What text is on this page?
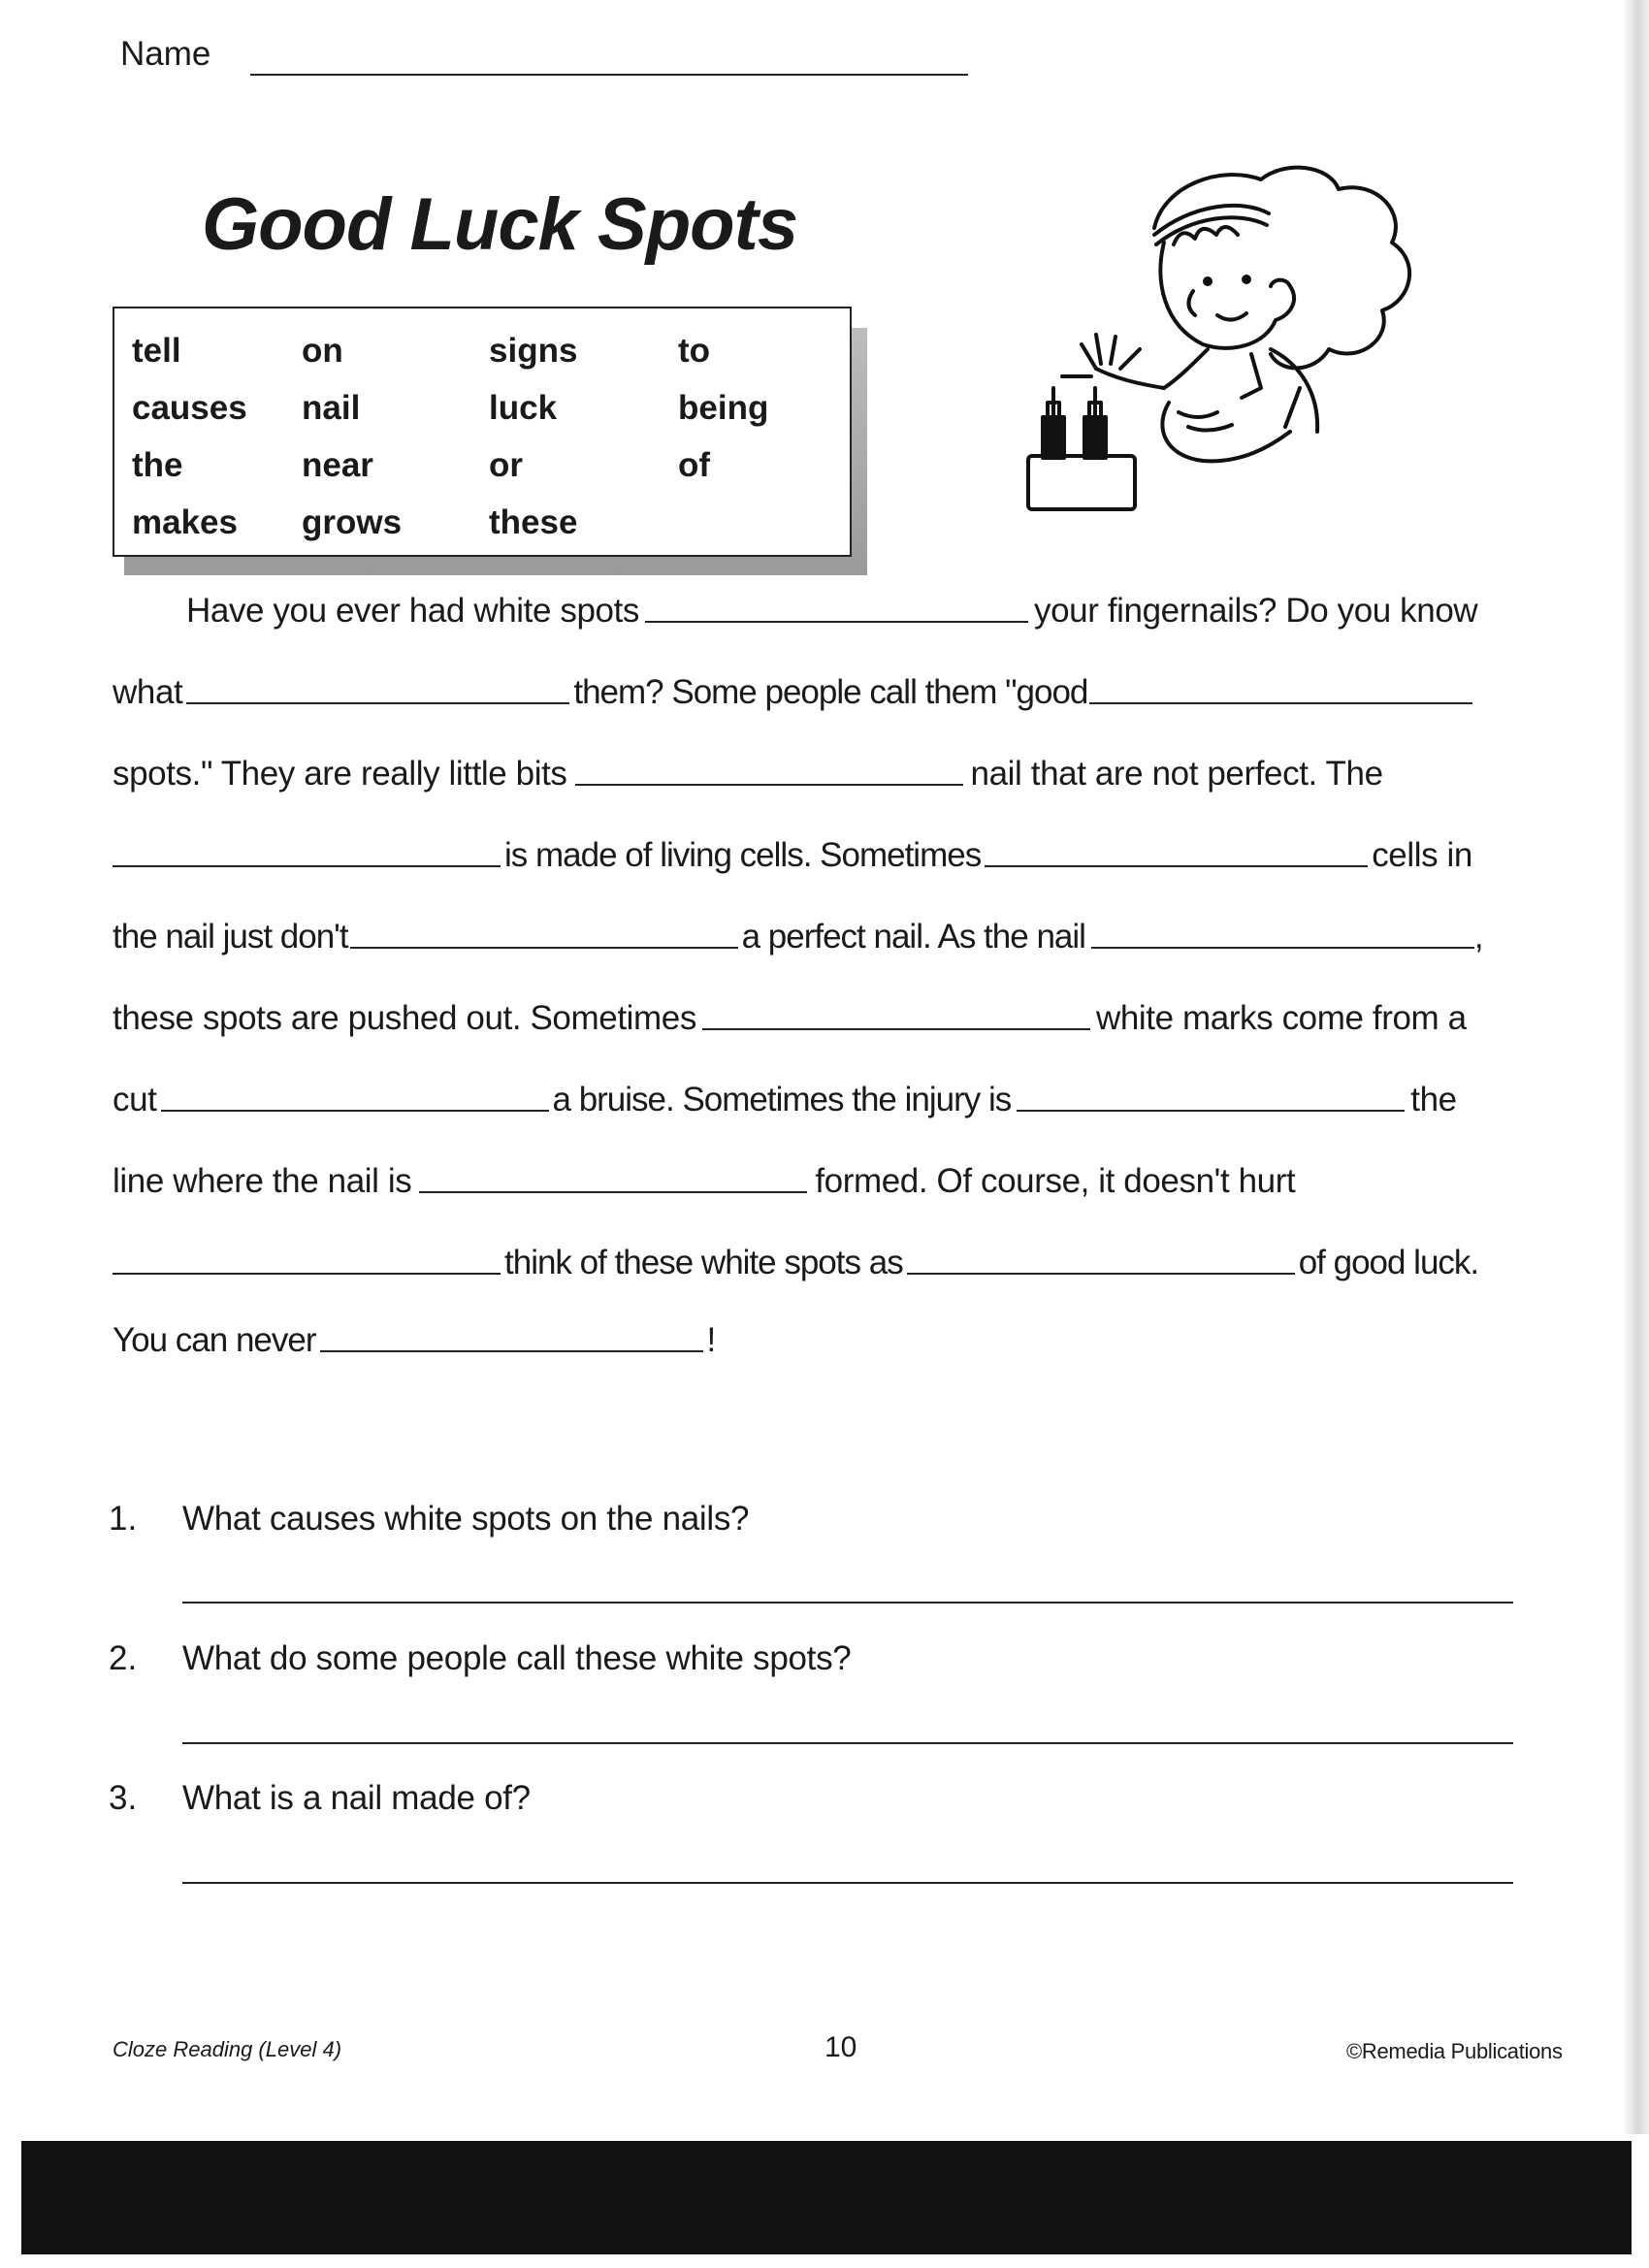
Name
Good Luck Spots
tell	on	signs	to
causes	nail	luck	being
the	near	or	of
makes	grows	these
Have you ever had white spots	your fingernails? Do you know
what	them? Some people call them "good
spots." They are really little bits	nail that are not perfect. The
is made of living cells. Sometimes	cells in
the nail just don't	a perfect nail. As the nail	,
these spots are pushed out. Sometimes	white marks come from a
cut	a bruise. Sometimes the injury is	the
line where the nail is	formed. Of course, it doesn't hurt
think of these white spots as	of good luck.
You can never	!
1. What causes white spots on the nails?
2. What do some people call these white spots?
3. What is a nail made of?
Cloze Reading (Level 4)	10	©Remedia Publications
